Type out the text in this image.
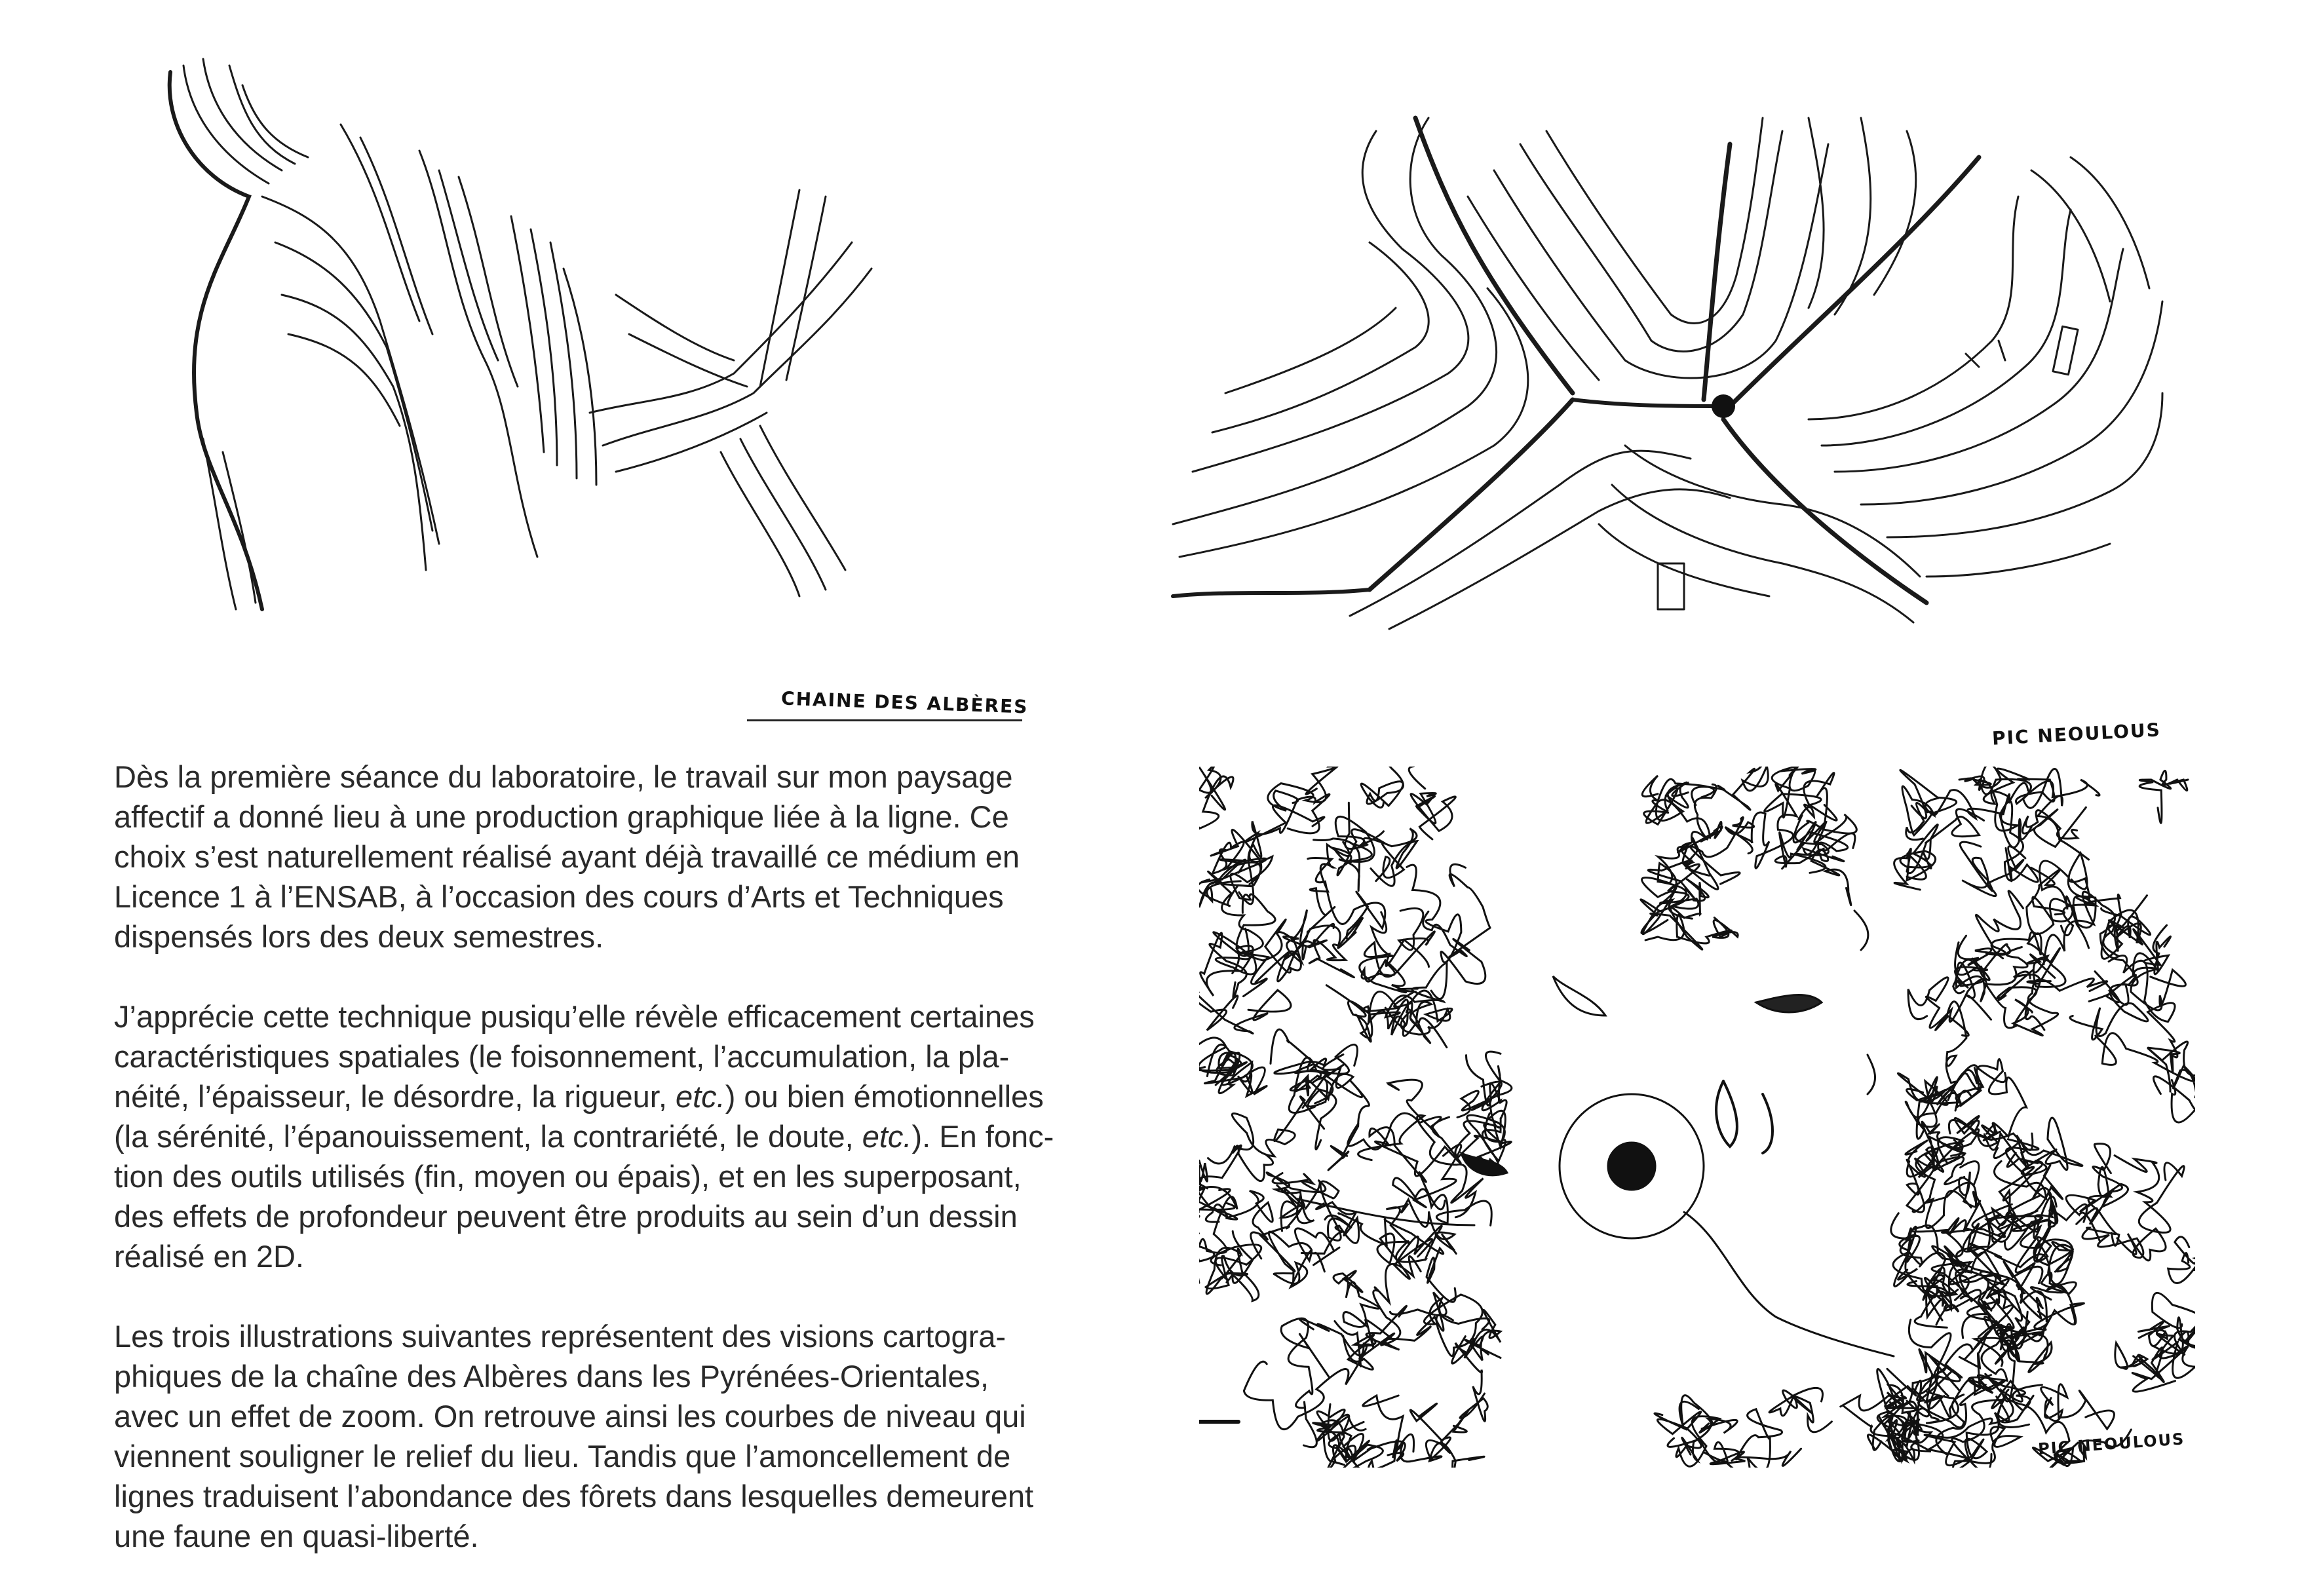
CHAINE DES ALBÈRES
PIC NEOULOUS

Dès la première séance du laboratoire, le travail sur mon paysage
affectif a donné lieu à une production graphique liée à la ligne. Ce
choix s’est naturellement réalisé ayant déjà travaillé ce médium en
Licence 1 à l’ENSAB, à l’occasion des cours d’Arts et Techniques
dispensés lors des deux semestres.

J’apprécie cette technique pusiqu’elle révèle efficacement certaines
caractéristiques spatiales (le foisonnement, l’accumulation, la pla-
néité, l’épaisseur, le désordre, la rigueur, etc.) ou bien émotionnelles
(la sérénité, l’épanouissement, la contrariété, le doute, etc.). En fonc-
tion des outils utilisés (fin, moyen ou épais), et en les superposant,
des effets de profondeur peuvent être produits au sein d’un dessin
réalisé en 2D.

Les trois illustrations suivantes représentent des visions cartogra-
phiques de la chaîne des Albères dans les Pyrénées-Orientales,
avec un effet de zoom. On retrouve ainsi les courbes de niveau qui
viennent souligner le relief du lieu. Tandis que l’amoncellement de
lignes traduisent l’abondance des fôrets dans lesquelles demeurent
une faune en quasi-liberté.

PIC NEOULOUS
